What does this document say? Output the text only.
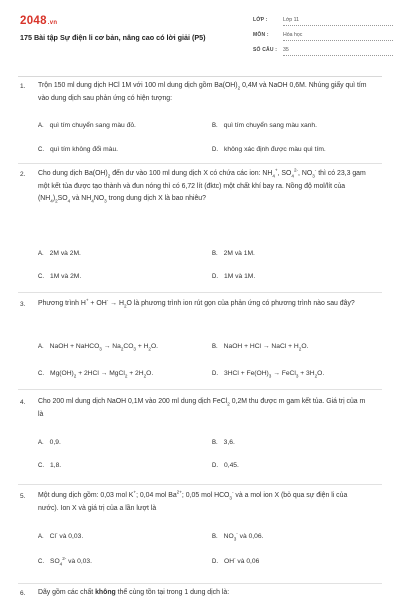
2048.vn
175 Bài tập Sự điện li cơ bản, nâng cao có lời giải (P5)
LỚP :	Lớp 11
MÔN :	Hóa học
SỐ CÂU :	35
1. Trộn 150 ml dung dịch HCl 1M với 100 ml dung dịch gồm $Ba(OH)_2$ 0,4M và NaOH 0,6M. Nhúng giấy quì tím vào dung dịch sau phản ứng có hiện tượng:
A. quì tím chuyển sang màu đỏ.	B. quì tím chuyển sang màu xanh.
C. quì tím không đổi màu.	D. không xác định được màu quì tím.
2. Cho dung dịch $Ba(OH)_2$ đến dư vào 100 ml dung dịch X có chứa các ion: $NH_4^+$, $SO_4^{2-}$, $NO_3^-$ thì có 23,3 gam một kết tủa được tạo thành và đun nóng thì có 6,72 lít (đktc) một chất khí bay ra. Nồng độ mol/lít của $(NH_4)_2SO_4$ và $NH_4NO_3$ trong dung dịch X là bao nhiêu?
A. 2M và 2M.	B. 2M và 1M.
C. 1M và 2M.	D. 1M và 1M.
3. Phương trình $H^+ + OH^- \to H_2O$ là phương trình ion rút gọn của phản ứng có phương trình nào sau đây?
A. NaOH + NaHCO$_3$ → $Na_2CO_3 + H_2O$.	B. NaOH + HCl → NaCl + $H_2O$.
C. $Mg(OH)_2 + 2HCl$ → MgCl$_2$ + $2H_2O$.	D. $3HCl + Fe(OH)_3$ → FeCl$_3$ + $3H_2O$.
4. Cho 200 ml dung dịch NaOH 0,1M vào 200 ml dung dịch FeCl$_2$ 0,2M thu được m gam kết tủa. Giá trị của m là
A. 0,9.	B. 3,6.
C. 1,8.	D. 0,45.
5. Một dung dịch gồm: 0,03 mol K+; 0,04 mol $Ba^{2+}$; 0,05 mol $HCO_3^-$ và a mol ion X (bỏ qua sự điện li của nước). Ion X và giá trị của a lần lượt là
A. Cl- và 0,03.	B. $NO_3^-$ và 0,06.
C. $SO_4^{2-}$ và 0,03.	D. OH- và 0,06
6. Dãy gồm các chất không thể cùng tồn tại trong 1 dung dịch là:
